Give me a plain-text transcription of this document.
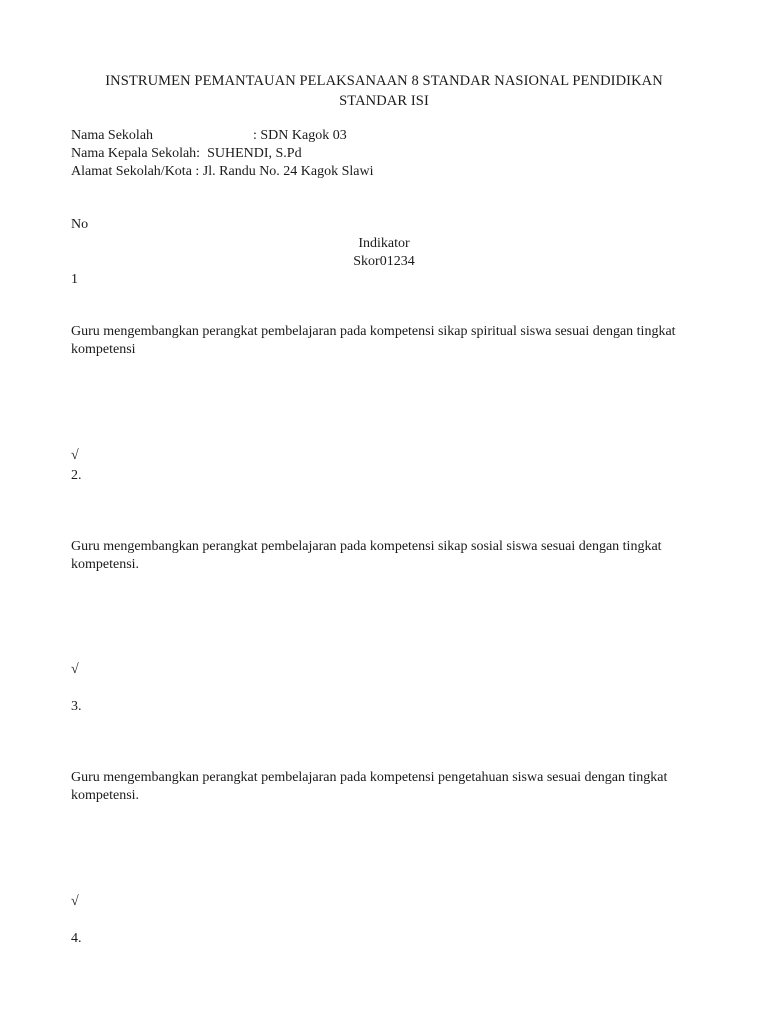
INSTRUMEN PEMANTAUAN PELAKSANAAN 8 STANDAR NASIONAL PENDIDIKAN
STANDAR ISI
Nama Sekolah	: SDN Kagok 03
Nama Kepala Sekolah: SUHENDI, S.Pd
Alamat Sekolah/Kota : Jl. Randu No. 24 Kagok Slawi
No
Indikator
Skor01234
1
Guru mengembangkan perangkat pembelajaran pada kompetensi sikap spiritual siswa sesuai dengan tingkat kompetensi
√
2.
Guru mengembangkan perangkat pembelajaran pada kompetensi sikap sosial siswa sesuai dengan tingkat kompetensi.
√
3.
Guru mengembangkan perangkat pembelajaran pada kompetensi pengetahuan siswa sesuai dengan tingkat kompetensi.
√
4.
